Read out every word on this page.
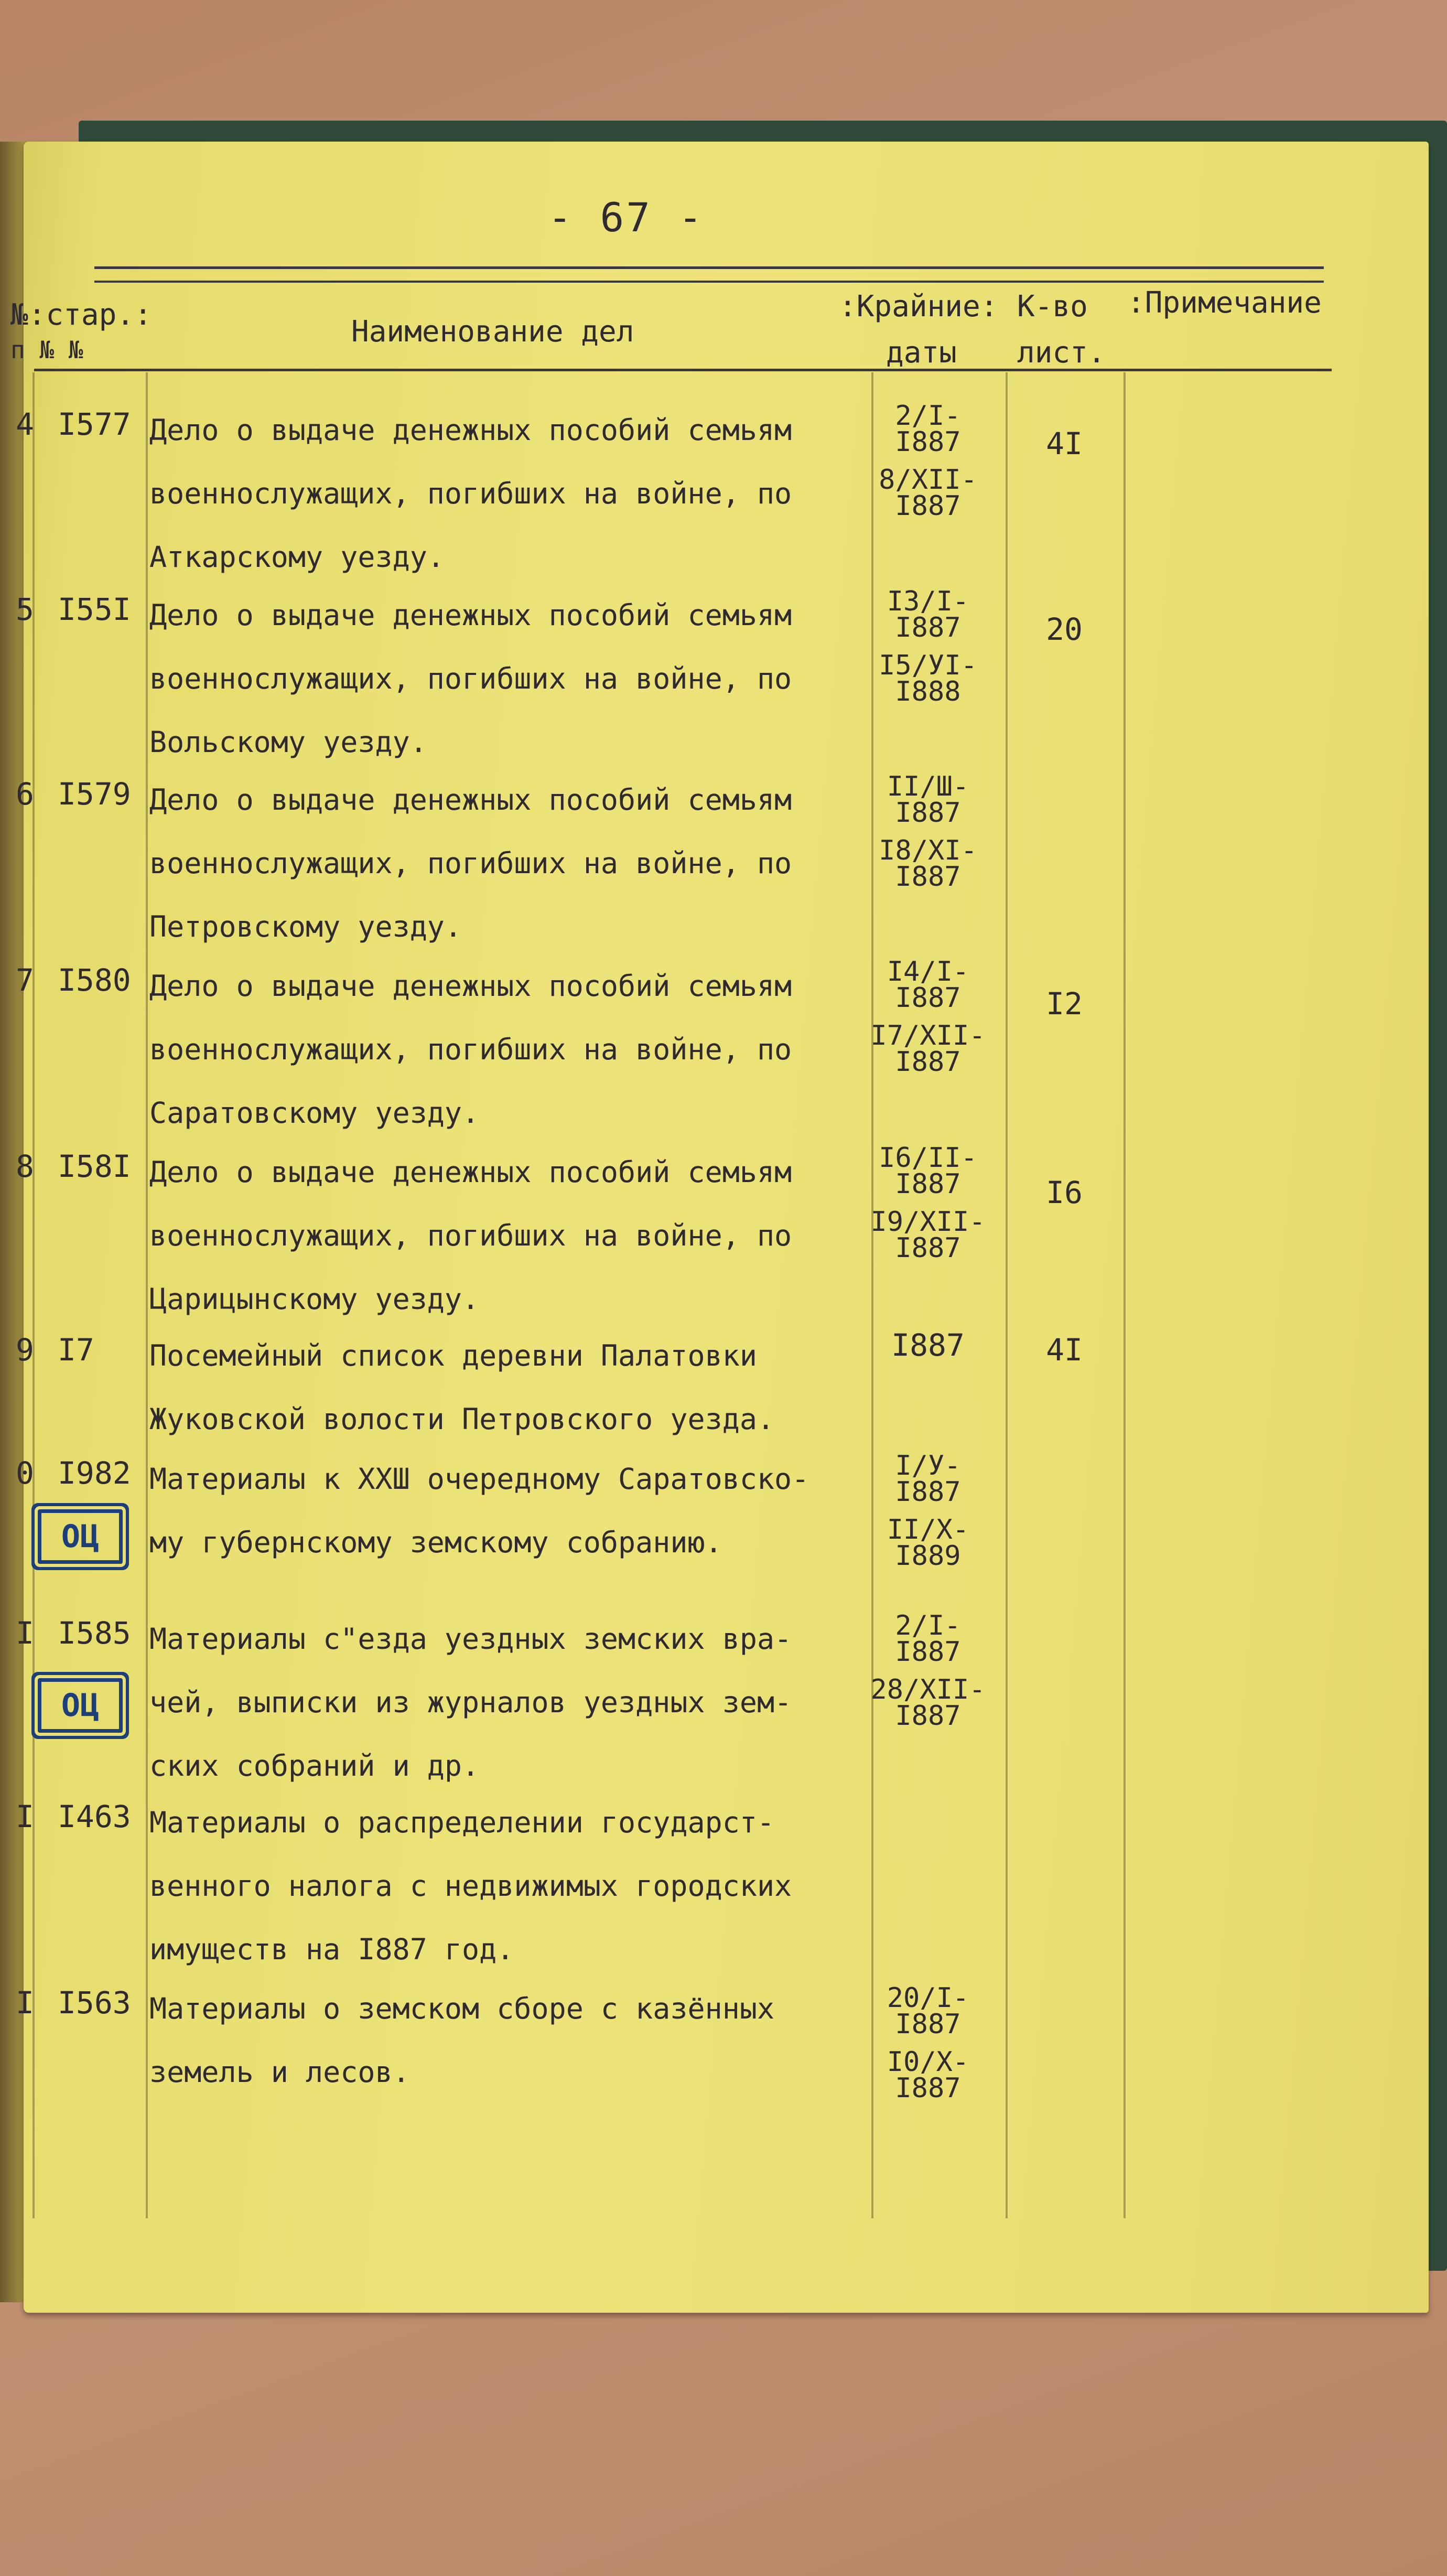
- 67 -
№:стар.:
п № №
Наименование дел
:Крайние:
даты
К-во
лист.
:Примечание
4 I577 Дело о выдаче денежных пособий семьям
военнослужащих, погибших на войне, по
Аткарскому уезду.
2/I-
I887
8/XII-
I887
4I
5 I55I Дело о выдаче денежных пособий семьям
военнослужащих, погибших на войне, по
Вольскому уезду.
I3/I-
I887
I5/УI-
I888
20
6 I579 Дело о выдаче денежных пособий семьям
военнослужащих, погибших на войне, по
Петровскому уезду.
II/Ш-
I887
I8/XI-
I887
7 I580 Дело о выдаче денежных пособий семьям
военнослужащих, погибших на войне, по
Саратовскому уезду.
I4/I-
I887
I7/XII-
I887
I2
8 I58I Дело о выдаче денежных пособий семьям
военнослужащих, погибших на войне, по
Царицынскому уезду.
I6/II-
I887
I9/XII-
I887
I6
9 I7 Посемейный список деревни Палатовки
Жуковской волости Петровского уезда.
I887	4I
0 I982
ОЦ
Материалы к XXШ очередному Саратовско-
му губернскому земскому собранию.
I/У-
I887
II/X-
I889
I I585
ОЦ
Материалы с"езда уездных земских вра-
чей, выписки из журналов уездных зем-
ских собраний и др.
2/I-
I887
28/XII-
I887
I I463 Материалы о распределении государст-
венного налога с недвижимых городских
имуществ на I887 год.
I I563 Материалы о земском сборе с казённых
земель и лесов.
20/I-
I887
I0/X-
I887
